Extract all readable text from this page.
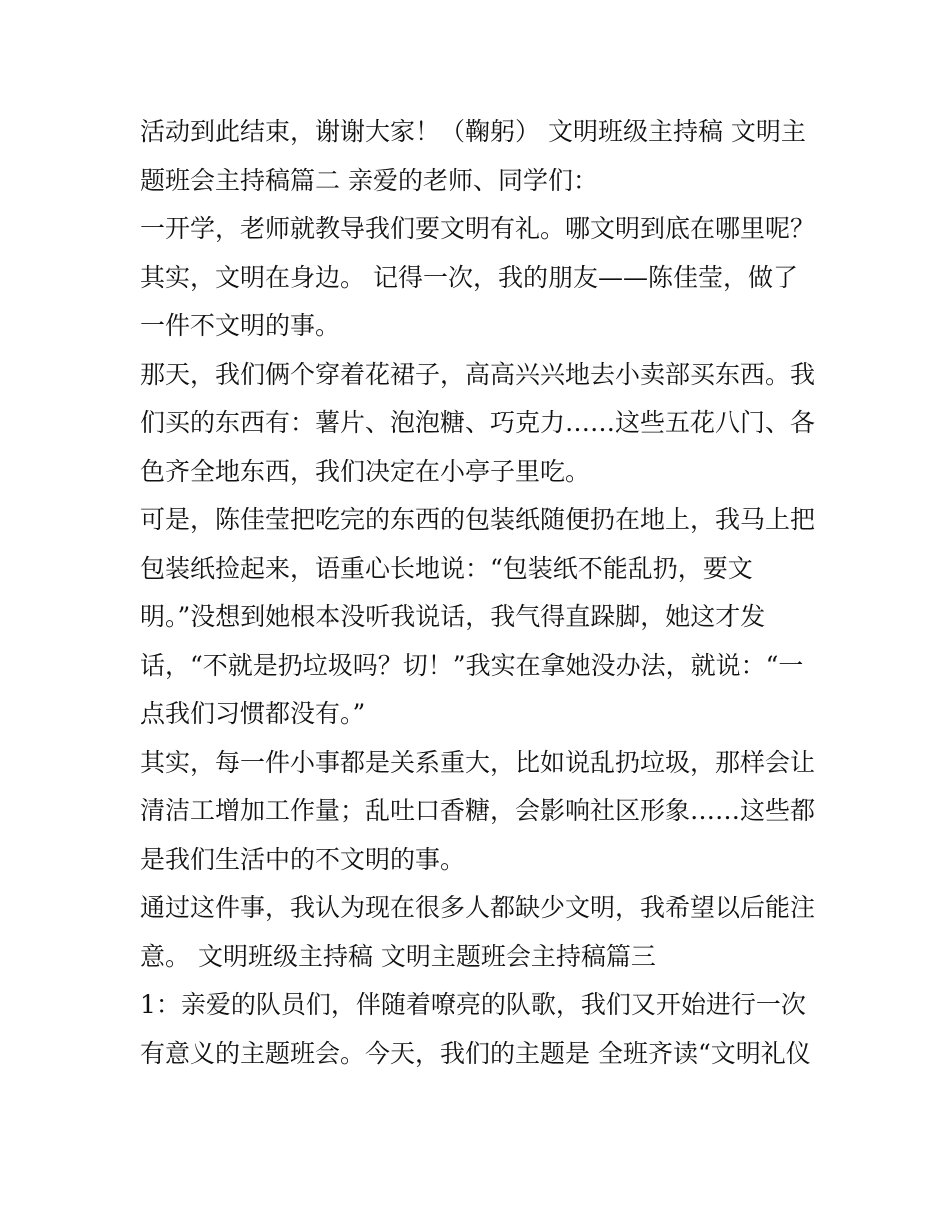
活动到此结束，谢谢大家！（鞠躬） 文明班级主持稿 文明主
题班会主持稿篇二 亲爱的老师、同学们：

一开学，老师就教导我们要文明有礼。哪文明到底在哪里呢？
其实，文明在身边。 记得一次，我的朋友——陈佳莹，做了
一件不文明的事。

那天，我们俩个穿着花裙子，高高兴兴地去小卖部买东西。我
们买的东西有：薯片、泡泡糖、巧克力……这些五花八门、各
色齐全地东西，我们决定在小亭子里吃。

可是，陈佳莹把吃完的东西的包装纸随便扔在地上，我马上把
包装纸捡起来，语重心长地说：“包装纸不能乱扔，要文
明。”没想到她根本没听我说话，我气得直跺脚，她这才发
话，“不就是扔垃圾吗？切！”我实在拿她没办法，就说：“一
点我们习惯都没有。”

其实，每一件小事都是关系重大，比如说乱扔垃圾，那样会让
清洁工增加工作量；乱吐口香糖，会影响社区形象……这些都
是我们生活中的不文明的事。

通过这件事，我认为现在很多人都缺少文明，我希望以后能注
意。 文明班级主持稿 文明主题班会主持稿篇三

1：亲爱的队员们，伴随着嘹亮的队歌，我们又开始进行一次
有意义的主题班会。今天，我们的主题是 全班齐读“文明礼仪
